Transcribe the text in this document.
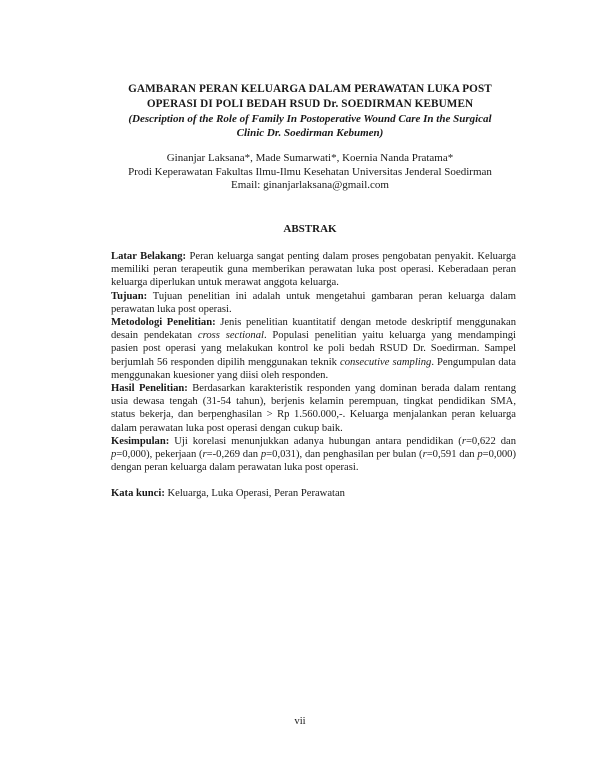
GAMBARAN PERAN KELUARGA DALAM PERAWATAN LUKA POST
OPERASI DI POLI BEDAH RSUD Dr. SOEDIRMAN KEBUMEN
(Description of the Role of Family In Postoperative Wound Care In the Surgical
Clinic Dr. Soedirman Kebumen)
Ginanjar Laksana*, Made Sumarwati*, Koernia Nanda Pratama*
Prodi Keperawatan Fakultas Ilmu-Ilmu Kesehatan Universitas Jenderal Soedirman
Email: ginanjarlaksana@gmail.com
ABSTRAK

Latar Belakang: Peran keluarga sangat penting dalam proses pengobatan penyakit. Keluarga memiliki peran terapeutik guna memberikan perawatan luka post operasi. Keberadaan peran keluarga diperlukan untuk merawat anggota keluarga.

Tujuan: Tujuan penelitian ini adalah untuk mengetahui gambaran peran keluarga dalam perawatan luka post operasi.

Metodologi Penelitian: Jenis penelitian kuantitatif dengan metode deskriptif menggunakan desain pendekatan cross sectional. Populasi penelitian yaitu keluarga yang mendampingi pasien post operasi yang melakukan kontrol ke poli bedah RSUD Dr. Soedirman. Sampel berjumlah 56 responden dipilih menggunakan teknik consecutive sampling. Pengumpulan data menggunakan kuesioner yang diisi oleh responden.

Hasil Penelitian: Berdasarkan karakteristik responden yang dominan berada dalam rentang usia dewasa tengah (31-54 tahun), berjenis kelamin perempuan, tingkat pendidikan SMA, status bekerja, dan berpenghasilan > Rp 1.560.000,-. Keluarga menjalankan peran keluarga dalam perawatan luka post operasi dengan cukup baik.

Kesimpulan: Uji korelasi menunjukkan adanya hubungan antara pendidikan (r=0,622 dan p=0,000), pekerjaan (r=-0,269 dan p=0,031), dan penghasilan per bulan (r=0,591 dan p=0,000) dengan peran keluarga dalam perawatan luka post operasi.

Kata kunci: Keluarga, Luka Operasi, Peran Perawatan

vii
